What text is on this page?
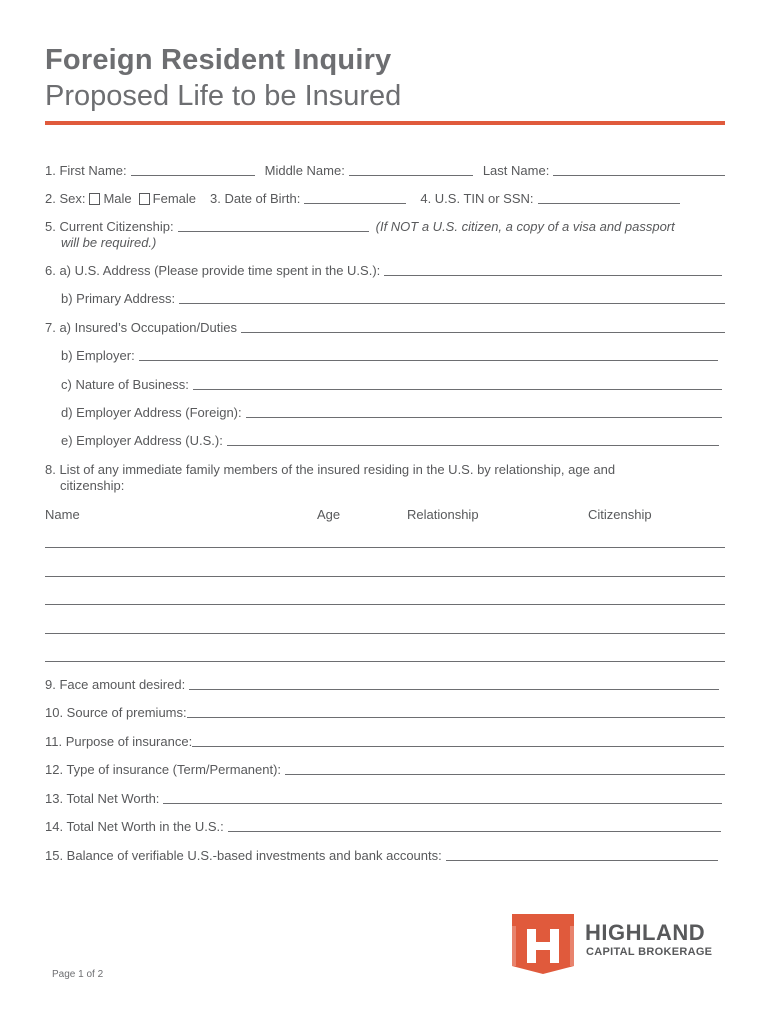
Foreign Resident Inquiry
Proposed Life to be Insured
1. First Name:	Middle Name:	Last Name:
2. Sex: Male Female 3. Date of Birth:	4. U.S. TIN or SSN:
5. Current Citizenship:	(If NOT a U.S. citizen, a copy of a visa and passport
will be required.)
6. a) U.S. Address (Please provide time spent in the U.S.):
b) Primary Address:
7. a) Insured’s Occupation/Duties
b) Employer:
c) Nature of Business:
d) Employer Address (Foreign):
e) Employer Address (U.S.):
8. List of any immediate family members of the insured residing in the U.S. by relationship, age and
citizenship:
Name	Age	Relationship	Citizenship
9. Face amount desired:
10. Source of premiums:
11. Purpose of insurance:
12. Type of insurance (Term/Permanent):
13. Total Net Worth:
14. Total Net Worth in the U.S.:
15. Balance of verifiable U.S.-based investments and bank accounts:
HIGHLAND
CAPITAL BROKERAGE
Page 1 of 2
